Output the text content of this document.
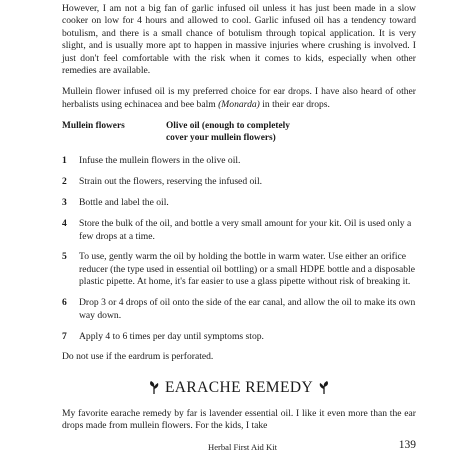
However, I am not a big fan of garlic infused oil unless it has just been made in a slow cooker on low for 4 hours and allowed to cool. Garlic infused oil has a tendency toward botulism, and there is a small chance of botulism through topical application. It is very slight, and is usually more apt to happen in massive injuries where crushing is involved. I just don't feel comfortable with the risk when it comes to kids, especially when other remedies are available.

Mullein flower infused oil is my preferred choice for ear drops. I have also heard of other herbalists using echinacea and bee balm (Monarda) in their ear drops.

Mullein flowers	Olive oil (enough to completely cover your mullein flowers)
1	Infuse the mullein flowers in the olive oil.
2	Strain out the flowers, reserving the infused oil.
3	Bottle and label the oil.
4	Store the bulk of the oil, and bottle a very small amount for your kit. Oil is used only a few drops at a time.
5	To use, gently warm the oil by holding the bottle in warm water. Use either an orifice reducer (the type used in essential oil bottling) or a small HDPE bottle and a disposable plastic pipette. At home, it's far easier to use a glass pipette without risk of breaking it.
6	Drop 3 or 4 drops of oil onto the side of the ear canal, and allow the oil to make its own way down.
7	Apply 4 to 6 times per day until symptoms stop.

Do not use if the eardrum is perforated.

EARACHE REMEDY

My favorite earache remedy by far is lavender essential oil. I like it even more than the ear drops made from mullein flowers. For the kids, I take

Herbal First Aid Kit	139
